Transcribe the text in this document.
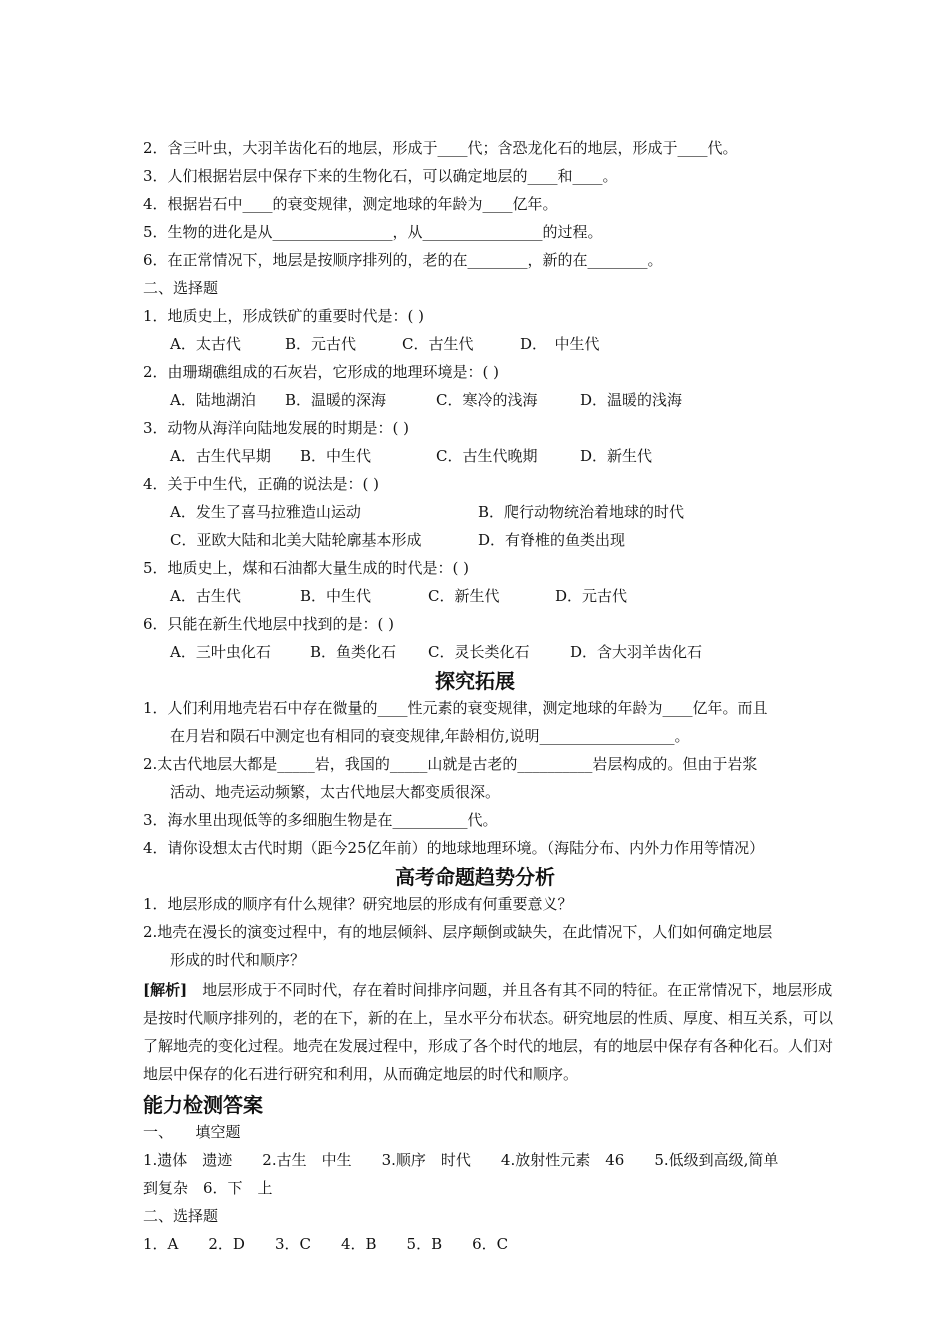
2．含三叶虫，大羽羊齿化石的地层，形成于____代；含恐龙化石的地层，形成于____代。
3．人们根据岩层中保存下来的生物化石，可以确定地层的____和____。
4．根据岩石中____的衰变规律，测定地球的年龄为____亿年。
5．生物的进化是从________________，从________________的过程。
6．在正常情况下，地层是按顺序排列的，老的在________，新的在________。
二、选择题
1．地质史上，形成铁矿的重要时代是：( )
A．太古代	B．元古代	C．古生代	D．　中生代
2．由珊瑚礁组成的石灰岩，它形成的地理环境是：( )
A．陆地湖泊 B．温暖的深海	C．寒冷的浅海	D．温暖的浅海
3．动物从海洋向陆地发展的时期是：( )
A．古生代早期 B．中生代	C．古生代晚期	D．新生代
4．关于中生代，正确的说法是：( )
A．发生了喜马拉雅造山运动	B．爬行动物统治着地球的时代
C．亚欧大陆和北美大陆轮廓基本形成	D．有脊椎的鱼类出现
5．地质史上，煤和石油都大量生成的时代是：( )
A．古生代	B．中生代	C．新生代	D．元古代
6．只能在新生代地层中找到的是：( )
A．三叶虫化石	B．鱼类化石 C．灵长类化石	D．含大羽羊齿化石
探究拓展
1．人们利用地壳岩石中存在微量的____性元素的衰变规律，测定地球的年龄为____亿年。而且
在月岩和陨石中测定也有相同的衰变规律,年龄相仿,说明__________________。
2.太古代地层大都是_____岩，我国的_____山就是古老的__________岩层构成的。但由于岩浆
活动、地壳运动频繁，太古代地层大都变质很深。
3．海水里出现低等的多细胞生物是在__________代。
4．请你设想太古代时期（距今25亿年前）的地球地理环境。（海陆分布、内外力作用等情况）
高考命题趋势分析
1．地层形成的顺序有什么规律？研究地层的形成有何重要意义？
2.地壳在漫长的演变过程中，有的地层倾斜、层序颠倒或缺失，在此情况下，人们如何确定地层
形成的时代和顺序？
[解析]　地层形成于不同时代，存在着时间排序问题，并且各有其不同的特征。在正常情况下，地层形成是按时代顺序排列的，老的在下，新的在上，呈水平分布状态。研究地层的性质、厚度、相互关系，可以了解地壳的变化过程。地壳在发展过程中，形成了各个时代的地层，有的地层中保存有各种化石。人们对地层中保存的化石进行研究和利用，从而确定地层的时代和顺序。
能力检测答案
一、　　填空题
1.遗体　遗迹　　2.古生　中生　　3.顺序　时代　　4.放射性元素　46　　5.低级到高级,简单
到复杂　6．下　上
二、选择题
1．A　　2．D　　3．C　　4．B　　5．B　　6．C
